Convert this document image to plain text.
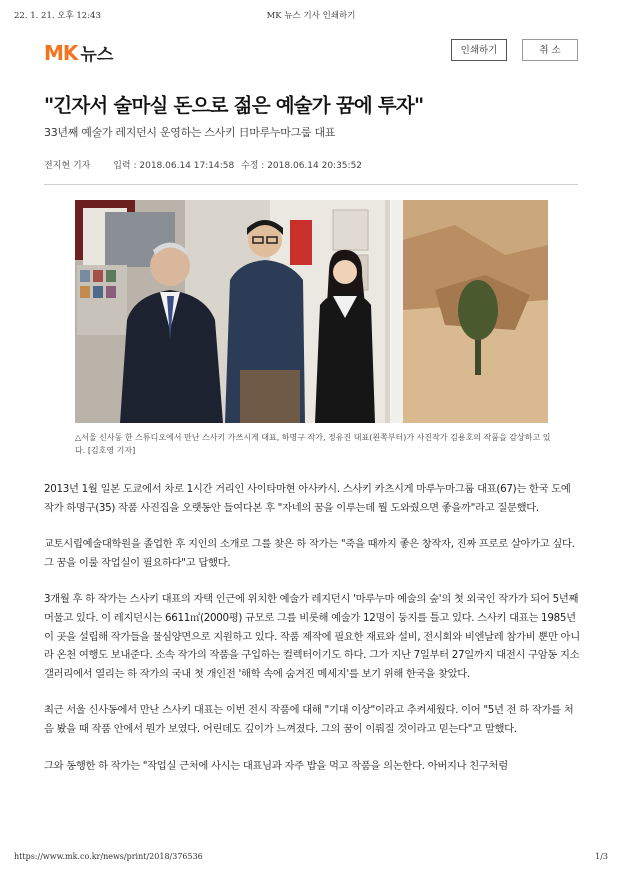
22. 1. 21. 오후 12:43	MK 뉴스 기사 인쇄하기
MK 뉴스	인쇄하기	취 소
"긴자서 술마실 돈으로 젊은 예술가 꿈에 투자"
33년째 예술가 레지던시 운영하는 스사키 日마루누마그룹 대표
전지현 기자	입력 : 2018.06.14 17:14:58 수정 : 2018.06.14 20:35:52
△서울 신사동 한 스튜디오에서 만난 스사키 가쓰시게 대표, 하명구 작가, 정유진 대표(왼쪽부터)가 사진작가 김용호의 작품을 감상하고 있다. [김호영 기자]

2013년 1월 일본 도쿄에서 차로 1시간 거리인 사이타마현 아사카시. 스사키 카츠시게 마루누마그룹 대표(67)는 한국 도예 작가 하명구(35) 작품 사진집을 오랫동안 들여다본 후 "자네의 꿈을 이루는데 뭘 도와줬으면 좋을까"라고 질문했다.

교토시립예술대학원을 졸업한 후 지인의 소개로 그를 찾은 하 작가는 "죽을 때까지 좋은 창작자, 진짜 프로로 살아가고 싶다. 그 꿈을 이룰 작업실이 필요하다"고 답했다.

3개월 후 하 작가는 스사키 대표의 자택 인근에 위치한 예술가 레지던시 '마루누마 예술의 숲'의 첫 외국인 작가가 되어 5년째 머물고 있다. 이 레지던시는 6611㎡(2000평) 규모로 그를 비롯해 예술가 12명이 둥지를 틀고 있다. 스사키 대표는 1985년 이 곳을 설립해 작가들을 물심양면으로 지원하고 있다. 작품 제작에 필요한 재료와 설비, 전시회와 비엔날레 참가비 뿐만 아니라 온천 여행도 보내준다. 소속 작가의 작품을 구입하는 컬렉터이기도 하다. 그가 지난 7일부터 27일까지 대전시 구암동 지소 갤러리에서 열리는 하 작가의 국내 첫 개인전 '해학 속에 숨겨진 메세지'를 보기 위해 한국을 찾았다.

최근 서울 신사동에서 만난 스사키 대표는 이번 전시 작품에 대해 "기대 이상"이라고 추켜세웠다. 이어 "5년 전 하 작가를 처음 봤을 때 작품 안에서 뭔가 보였다. 어린데도 깊이가 느껴졌다. 그의 꿈이 이뤄질 것이라고 믿는다"고 말했다.

그와 동행한 하 작가는 "작업실 근처에 사시는 대표님과 자주 밥을 먹고 작품을 의논한다. 아버지나 친구처럼

https://www.mk.co.kr/news/print/2018/376536	1/3
